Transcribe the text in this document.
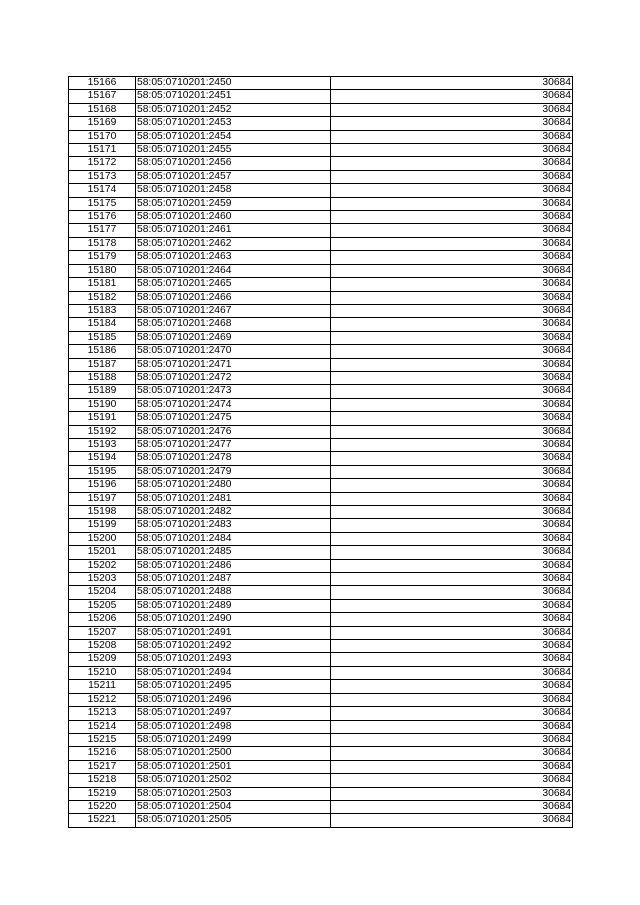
15166	58:05:0710201:2450	30684
15167	58:05:0710201:2451	30684
15168	58:05:0710201:2452	30684
15169	58:05:0710201:2453	30684
15170	58:05:0710201:2454	30684
15171	58:05:0710201:2455	30684
15172	58:05:0710201:2456	30684
15173	58:05:0710201:2457	30684
15174	58:05:0710201:2458	30684
15175	58:05:0710201:2459	30684
15176	58:05:0710201:2460	30684
15177	58:05:0710201:2461	30684
15178	58:05:0710201:2462	30684
15179	58:05:0710201:2463	30684
15180	58:05:0710201:2464	30684
15181	58:05:0710201:2465	30684
15182	58:05:0710201:2466	30684
15183	58:05:0710201:2467	30684
15184	58:05:0710201:2468	30684
15185	58:05:0710201:2469	30684
15186	58:05:0710201:2470	30684
15187	58:05:0710201:2471	30684
15188	58:05:0710201:2472	30684
15189	58:05:0710201:2473	30684
15190	58:05:0710201:2474	30684
15191	58:05:0710201:2475	30684
15192	58:05:0710201:2476	30684
15193	58:05:0710201:2477	30684
15194	58:05:0710201:2478	30684
15195	58:05:0710201:2479	30684
15196	58:05:0710201:2480	30684
15197	58:05:0710201:2481	30684
15198	58:05:0710201:2482	30684
15199	58:05:0710201:2483	30684
15200	58:05:0710201:2484	30684
15201	58:05:0710201:2485	30684
15202	58:05:0710201:2486	30684
15203	58:05:0710201:2487	30684
15204	58:05:0710201:2488	30684
15205	58:05:0710201:2489	30684
15206	58:05:0710201:2490	30684
15207	58:05:0710201:2491	30684
15208	58:05:0710201:2492	30684
15209	58:05:0710201:2493	30684
15210	58:05:0710201:2494	30684
15211	58:05:0710201:2495	30684
15212	58:05:0710201:2496	30684
15213	58:05:0710201:2497	30684
15214	58:05:0710201:2498	30684
15215	58:05:0710201:2499	30684
15216	58:05:0710201:2500	30684
15217	58:05:0710201:2501	30684
15218	58:05:0710201:2502	30684
15219	58:05:0710201:2503	30684
15220	58:05:0710201:2504	30684
15221	58:05:0710201:2505	30684
